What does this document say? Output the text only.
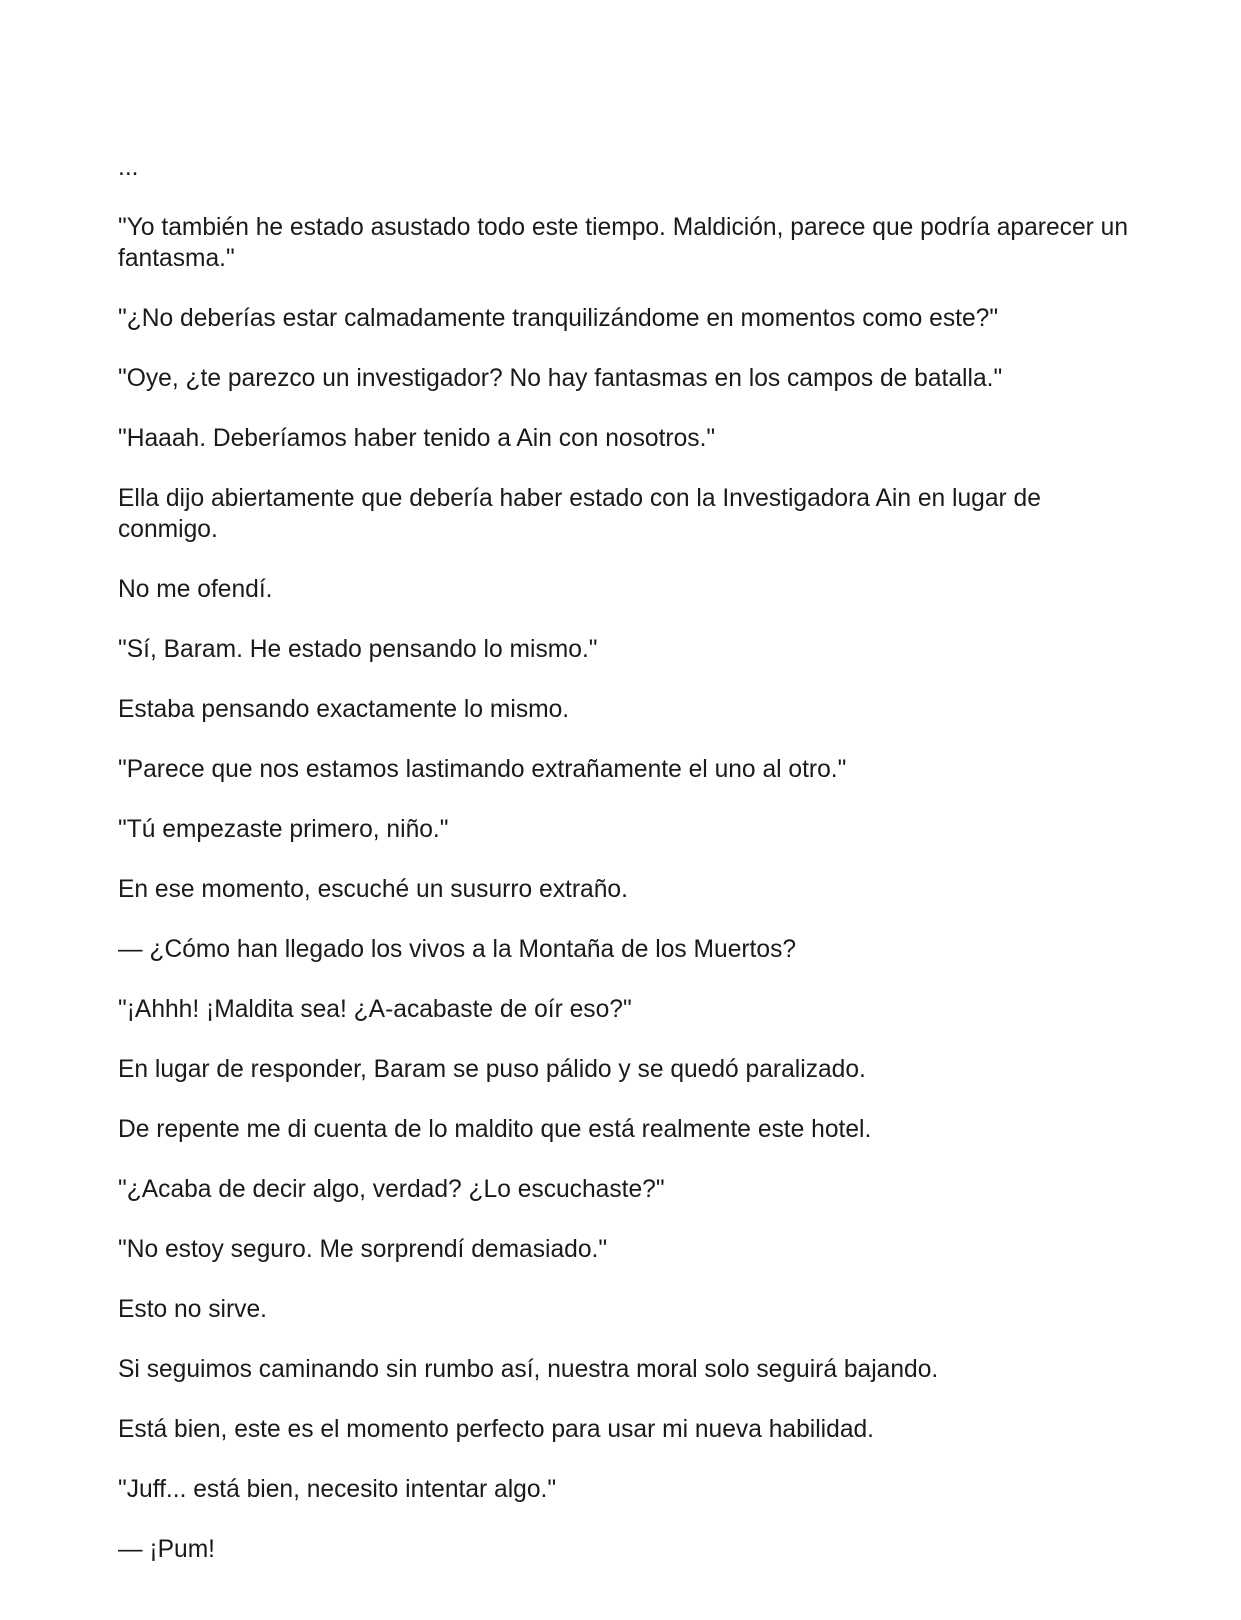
...

"Yo también he estado asustado todo este tiempo. Maldición, parece que podría aparecer un fantasma."

"¿No deberías estar calmadamente tranquilizándome en momentos como este?"

"Oye, ¿te parezco un investigador? No hay fantasmas en los campos de batalla."

"Haaah. Deberíamos haber tenido a Ain con nosotros."

Ella dijo abiertamente que debería haber estado con la Investigadora Ain en lugar de conmigo.

No me ofendí.

"Sí, Baram. He estado pensando lo mismo."

Estaba pensando exactamente lo mismo.

"Parece que nos estamos lastimando extrañamente el uno al otro."

"Tú empezaste primero, niño."

En ese momento, escuché un susurro extraño.

— ¿Cómo han llegado los vivos a la Montaña de los Muertos?

"¡Ahhh! ¡Maldita sea! ¿A-acabaste de oír eso?"

En lugar de responder, Baram se puso pálido y se quedó paralizado.

De repente me di cuenta de lo maldito que está realmente este hotel.

"¿Acaba de decir algo, verdad? ¿Lo escuchaste?"

"No estoy seguro. Me sorprendí demasiado."

Esto no sirve.

Si seguimos caminando sin rumbo así, nuestra moral solo seguirá bajando.

Está bien, este es el momento perfecto para usar mi nueva habilidad.

"Juff... está bien, necesito intentar algo."

— ¡Pum!
